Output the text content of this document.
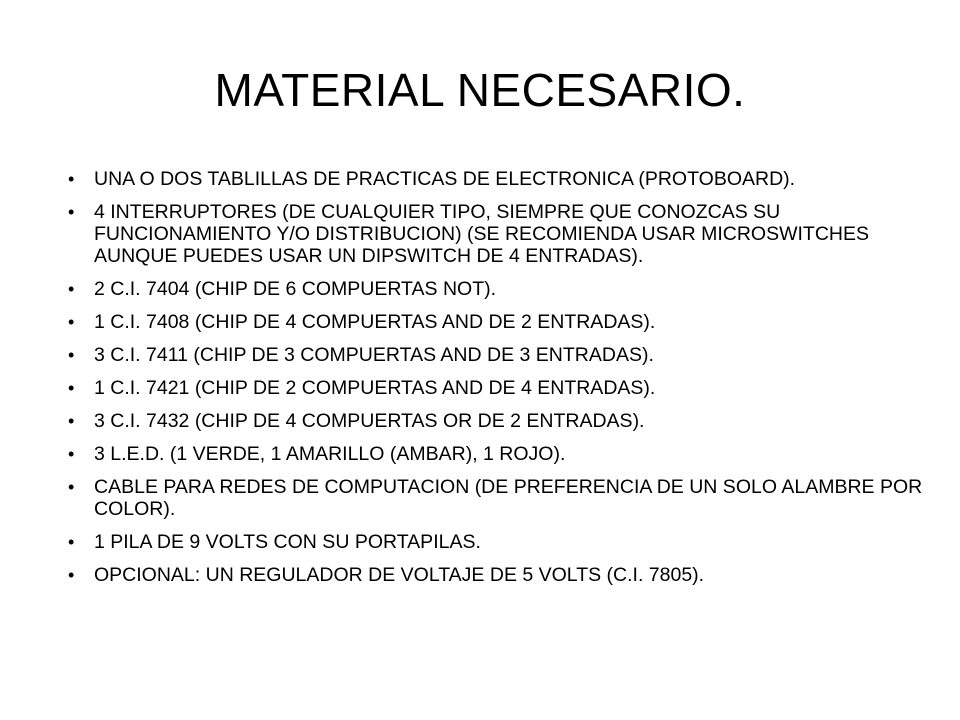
MATERIAL NECESARIO.
• UNA O DOS TABLILLAS DE PRACTICAS DE ELECTRONICA (PROTOBOARD).
• 4 INTERRUPTORES (DE CUALQUIER TIPO, SIEMPRE QUE CONOZCAS SU FUNCIONAMIENTO Y/O DISTRIBUCION) (SE RECOMIENDA USAR MICROSWITCHES AUNQUE PUEDES USAR UN DIPSWITCH DE 4 ENTRADAS).
• 2 C.I. 7404 (CHIP DE 6 COMPUERTAS NOT).
• 1 C.I. 7408 (CHIP DE 4 COMPUERTAS AND DE 2 ENTRADAS).
• 3 C.I. 7411 (CHIP DE 3 COMPUERTAS AND DE 3 ENTRADAS).
• 1 C.I. 7421 (CHIP DE 2 COMPUERTAS AND DE 4 ENTRADAS).
• 3 C.I. 7432 (CHIP DE 4 COMPUERTAS OR DE 2 ENTRADAS).
• 3 L.E.D. (1 VERDE, 1 AMARILLO (AMBAR), 1 ROJO).
• CABLE PARA REDES DE COMPUTACION (DE PREFERENCIA DE UN SOLO ALAMBRE POR COLOR).
• 1 PILA DE 9 VOLTS CON SU PORTAPILAS.
• OPCIONAL: UN REGULADOR DE VOLTAJE DE 5 VOLTS (C.I. 7805).
